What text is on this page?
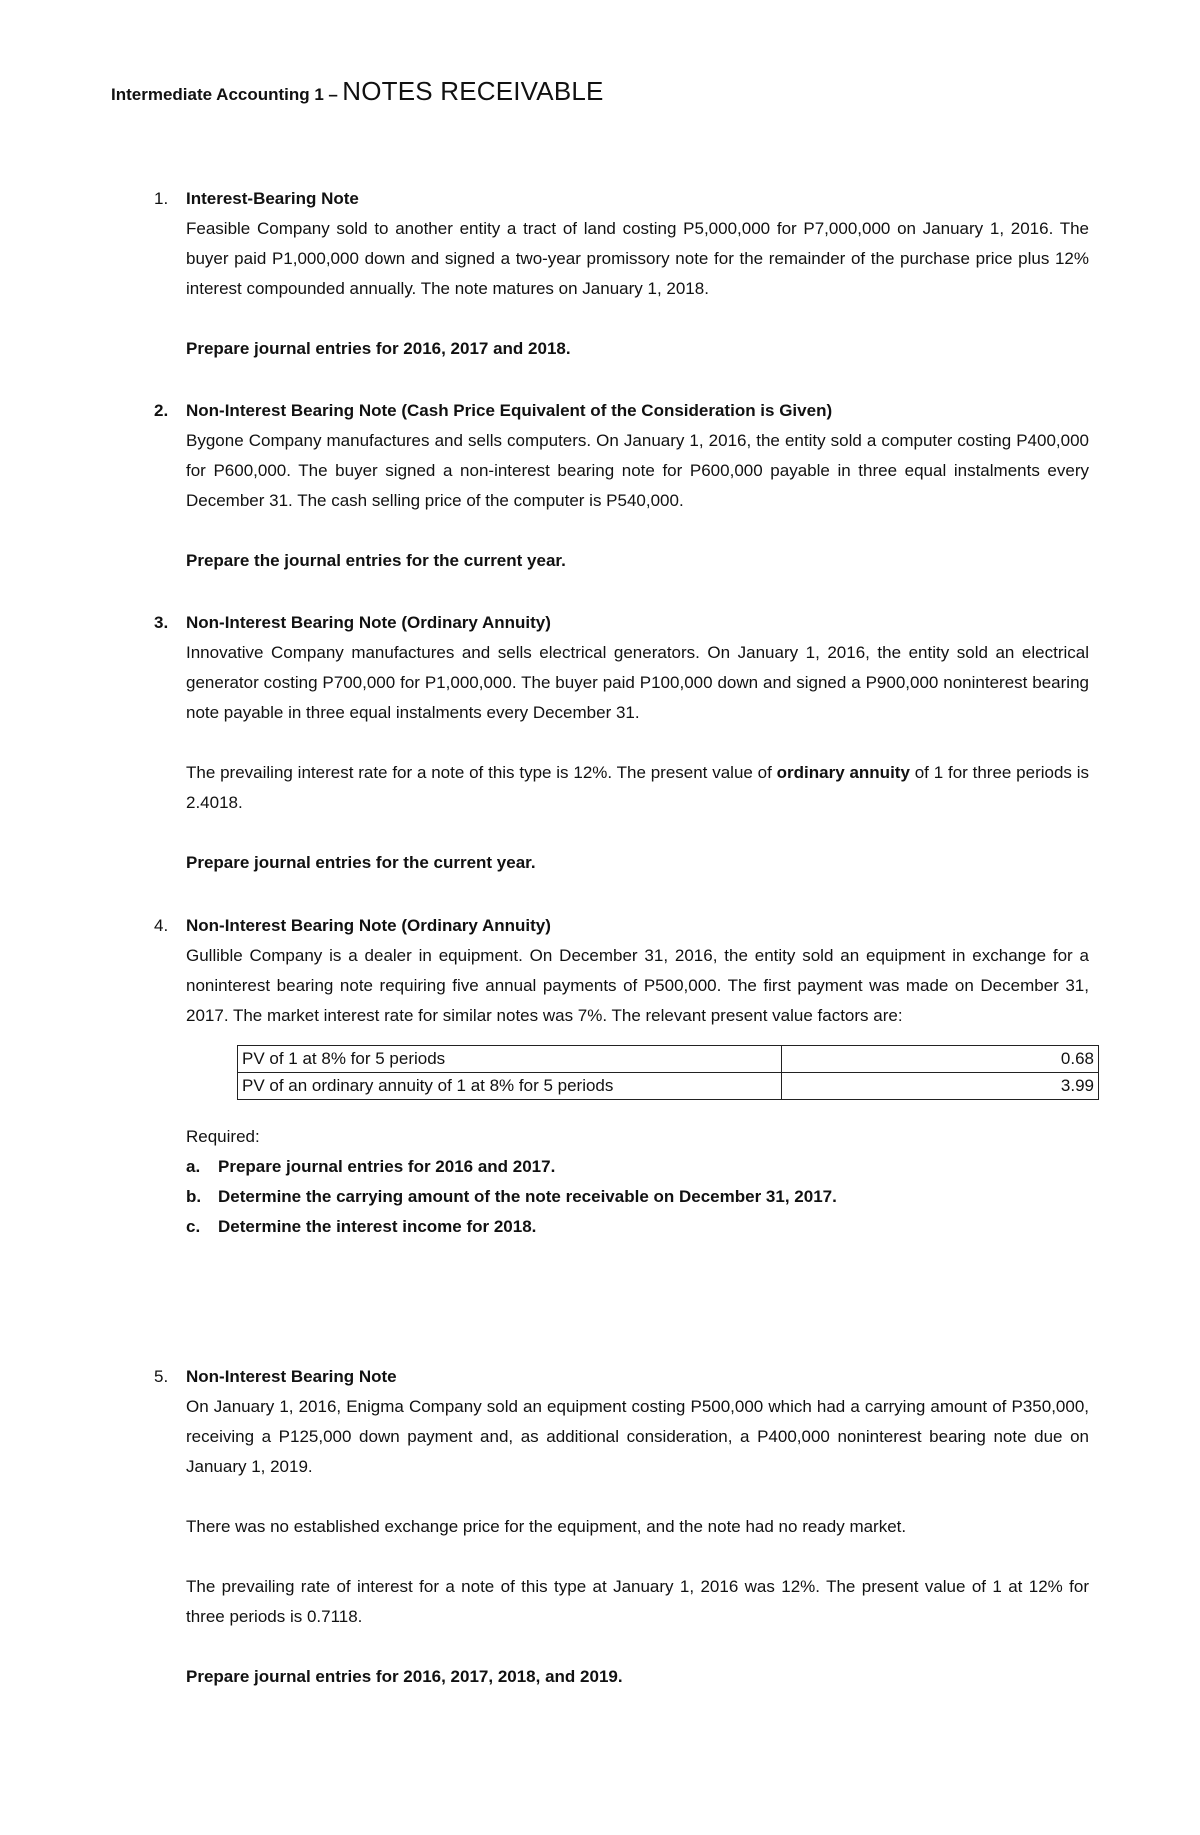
Intermediate Accounting 1 – NOTES RECEIVABLE
1. Interest-Bearing Note
Feasible Company sold to another entity a tract of land costing P5,000,000 for P7,000,000 on January 1, 2016. The buyer paid P1,000,000 down and signed a two-year promissory note for the remainder of the purchase price plus 12% interest compounded annually. The note matures on January 1, 2018.
Prepare journal entries for 2016, 2017 and 2018.
2. Non-Interest Bearing Note (Cash Price Equivalent of the Consideration is Given)
Bygone Company manufactures and sells computers. On January 1, 2016, the entity sold a computer costing P400,000 for P600,000. The buyer signed a non-interest bearing note for P600,000 payable in three equal instalments every December 31. The cash selling price of the computer is P540,000.
Prepare the journal entries for the current year.
3. Non-Interest Bearing Note (Ordinary Annuity)
Innovative Company manufactures and sells electrical generators. On January 1, 2016, the entity sold an electrical generator costing P700,000 for P1,000,000. The buyer paid P100,000 down and signed a P900,000 noninterest bearing note payable in three equal instalments every December 31.
The prevailing interest rate for a note of this type is 12%. The present value of ordinary annuity of 1 for three periods is 2.4018.
Prepare journal entries for the current year.
4. Non-Interest Bearing Note (Ordinary Annuity)
Gullible Company is a dealer in equipment. On December 31, 2016, the entity sold an equipment in exchange for a noninterest bearing note requiring five annual payments of P500,000. The first payment was made on December 31, 2017. The market interest rate for similar notes was 7%. The relevant present value factors are:
PV of 1 at 8% for 5 periods	0.68
PV of an ordinary annuity of 1 at 8% for 5 periods	3.99
Required:
a. Prepare journal entries for 2016 and 2017.
b. Determine the carrying amount of the note receivable on December 31, 2017.
c. Determine the interest income for 2018.
5. Non-Interest Bearing Note
On January 1, 2016, Enigma Company sold an equipment costing P500,000 which had a carrying amount of P350,000, receiving a P125,000 down payment and, as additional consideration, a P400,000 noninterest bearing note due on January 1, 2019.
There was no established exchange price for the equipment, and the note had no ready market.
The prevailing rate of interest for a note of this type at January 1, 2016 was 12%. The present value of 1 at 12% for three periods is 0.7118.
Prepare journal entries for 2016, 2017, 2018, and 2019.
